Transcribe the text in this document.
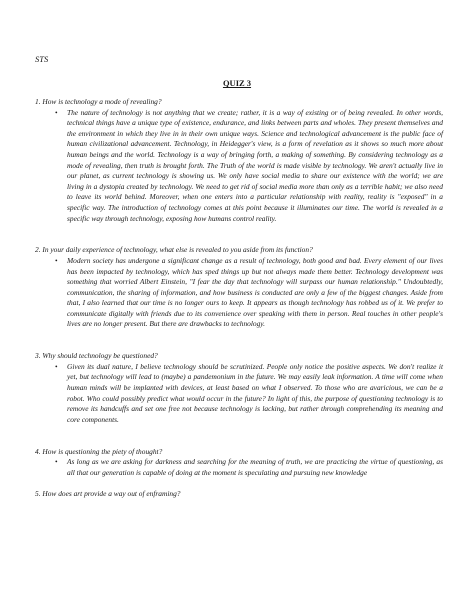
STS
QUIZ 3

1. How is technology a mode of revealing?

• The nature of technology is not anything that we create; rather, it is a way of existing or of being revealed. In other words, technical things have a unique type of existence, endurance, and links between parts and wholes. They present themselves and the environment in which they live in in their own unique ways. Science and technological advancement is the public face of human civilizational advancement. Technology, in Heidegger's view, is a form of revelation as it shows so much more about human beings and the world. Technology is a way of bringing forth, a making of something. By considering technology as a mode of revealing, then truth is brought forth. The Truth of the world is made visible by technology. We aren't actually live in our planet, as current technology is showing us. We only have social media to share our existence with the world; we are living in a dystopia created by technology. We need to get rid of social media more than only as a terrible habit; we also need to leave its world behind. Moreover, when one enters into a particular relationship with reality, reality is "exposed" in a specific way. The introduction of technology comes at this point because it illuminates our time. The world is revealed in a specific way through technology, exposing how humans control reality.

2. In your daily experience of technology, what else is revealed to you aside from its function?

• Modern society has undergone a significant change as a result of technology, both good and bad. Every element of our lives has been impacted by technology, which has sped things up but not always made them better. Technology development was something that worried Albert Einstein, "I fear the day that technology will surpass our human relationship." Undoubtedly, communication, the sharing of information, and how business is conducted are only a few of the biggest changes. Aside from that, I also learned that our time is no longer ours to keep. It appears as though technology has robbed us of it. We prefer to communicate digitally with friends due to its convenience over speaking with them in person. Real touches in other people's lives are no longer present. But there are drawbacks to technology.

3. Why should technology be questioned?

• Given its dual nature, I believe technology should be scrutinized. People only notice the positive aspects. We don't realize it yet, but technology will lead to (maybe) a pandemonium in the future. We may easily leak information. A time will come when human minds will be implanted with devices, at least based on what I observed. To those who are avaricious, we can be a robot. Who could possibly predict what would occur in the future? In light of this, the purpose of questioning technology is to remove its handcuffs and set one free not because technology is lacking, but rather through comprehending its meaning and core components.

4. How is questioning the piety of thought?

• As long as we are asking for darkness and searching for the meaning of truth, we are practicing the virtue of questioning, as all that our generation is capable of doing at the moment is speculating and pursuing new knowledge

5. How does art provide a way out of enframing?
